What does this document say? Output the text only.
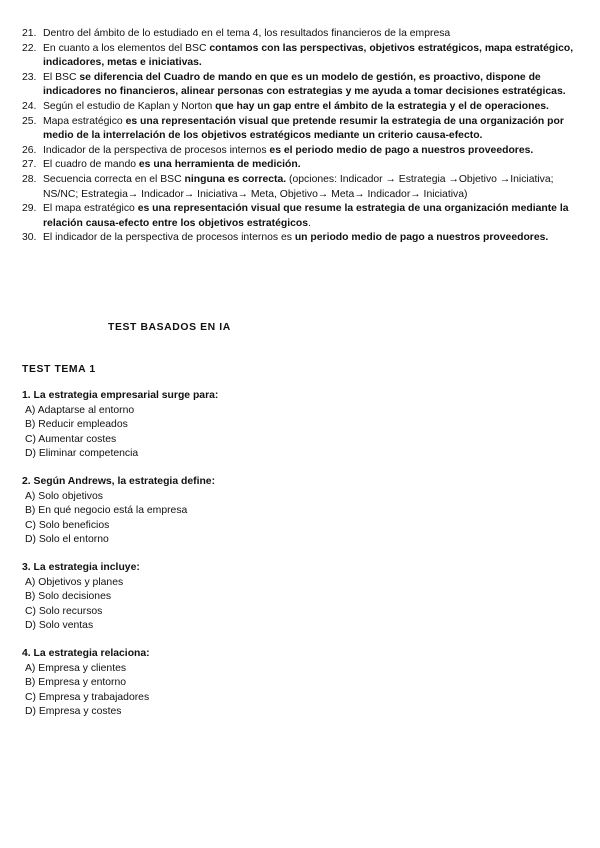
21. Dentro del ámbito de lo estudiado en el tema 4, los resultados financieros de la empresa
22. En cuanto a los elementos del BSC contamos con las perspectivas, objetivos estratégicos, mapa estratégico, indicadores, metas e iniciativas.
23. El BSC se diferencia del Cuadro de mando en que es un modelo de gestión, es proactivo, dispone de indicadores no financieros, alinear personas con estrategias y me ayuda a tomar decisiones estratégicas.
24. Según el estudio de Kaplan y Norton que hay un gap entre el ámbito de la estrategia y el de operaciones.
25. Mapa estratégico es una representación visual que pretende resumir la estrategia de una organización por medio de la interrelación de los objetivos estratégicos mediante un criterio causa-efecto.
26. Indicador de la perspectiva de procesos internos es el periodo medio de pago a nuestros proveedores.
27. El cuadro de mando es una herramienta de medición.
28. Secuencia correcta en el BSC ninguna es correcta. (opciones: Indicador → Estrategia →Objetivo →Iniciativa; NS/NC; Estrategia→ Indicador→ Iniciativa→ Meta, Objetivo→ Meta→ Indicador→ Iniciativa)
29. El mapa estratégico es una representación visual que resume la estrategia de una organización mediante la relación causa-efecto entre los objetivos estratégicos.
30. El indicador de la perspectiva de procesos internos es un periodo medio de pago a nuestros proveedores.
TEST BASADOS EN IA
TEST TEMA 1
1. La estrategia empresarial surge para:
A) Adaptarse al entorno
B) Reducir empleados
C) Aumentar costes
D) Eliminar competencia
2. Según Andrews, la estrategia define:
A) Solo objetivos
B) En qué negocio está la empresa
C) Solo beneficios
D) Solo el entorno
3. La estrategia incluye:
A) Objetivos y planes
B) Solo decisiones
C) Solo recursos
D) Solo ventas
4. La estrategia relaciona:
A) Empresa y clientes
B) Empresa y entorno
C) Empresa y trabajadores
D) Empresa y costes
